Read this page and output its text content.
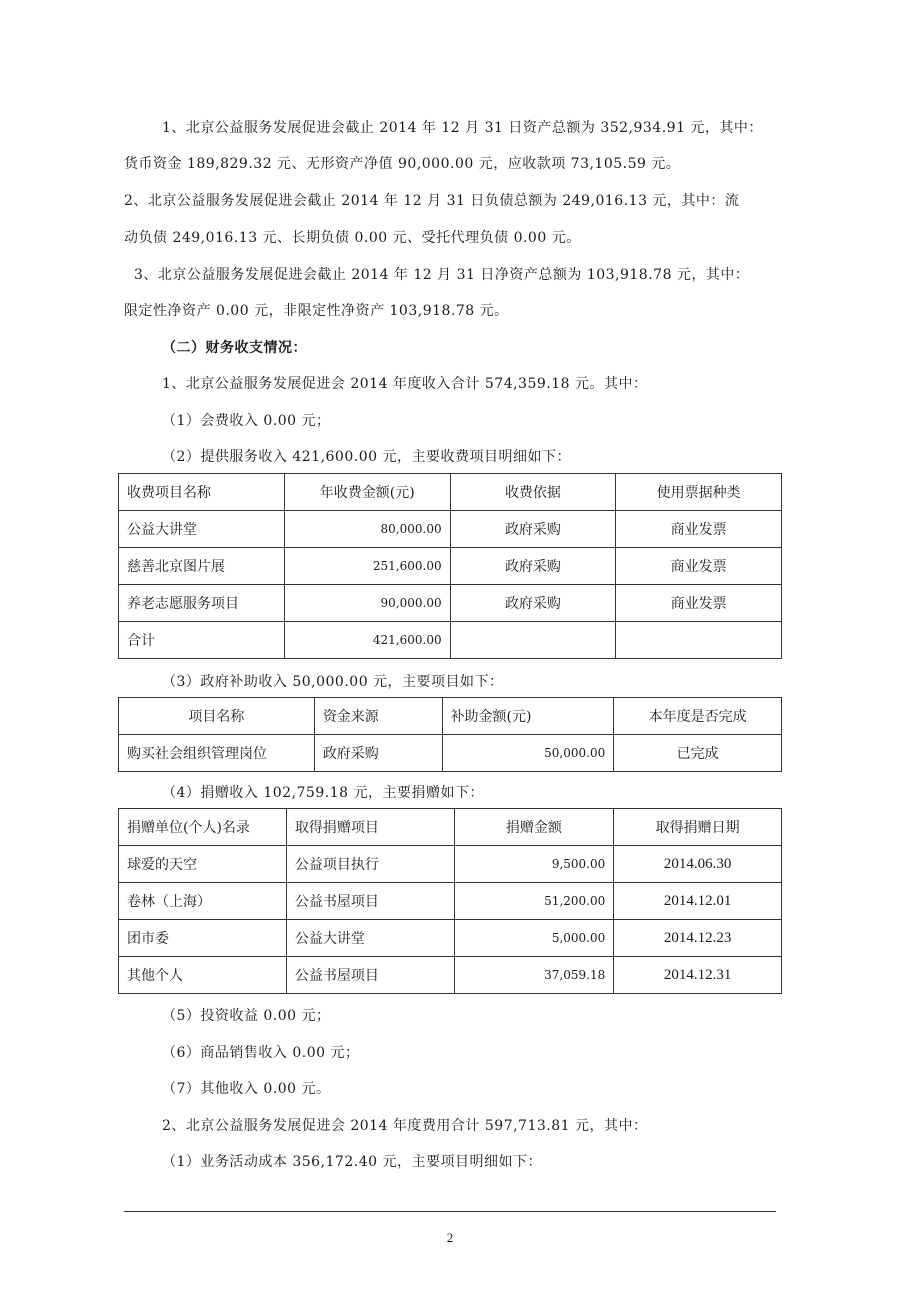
1、北京公益服务发展促进会截止 2014 年 12 月 31 日资产总额为 352,934.91 元，其中：
货币资金 189,829.32 元、无形资产净值 90,000.00 元，应收款项 73,105.59 元。
2、北京公益服务发展促进会截止 2014 年 12 月 31 日负债总额为 249,016.13 元，其中：流
动负债 249,016.13 元、长期负债 0.00 元、受托代理负债 0.00 元。
3、北京公益服务发展促进会截止 2014 年 12 月 31 日净资产总额为 103,918.78 元，其中：
限定性净资产 0.00 元，非限定性净资产 103,918.78 元。
（二）财务收支情况：
1、北京公益服务发展促进会 2014 年度收入合计 574,359.18 元。其中：
（1）会费收入 0.00 元；
（2）提供服务收入 421,600.00 元，主要收费项目明细如下：
收费项目名称	年收费金额(元)	收费依据	使用票据种类
公益大讲堂	80,000.00	政府采购	商业发票
慈善北京图片展	251,600.00	政府采购	商业发票
养老志愿服务项目	90,000.00	政府采购	商业发票
合计	421,600.00		
（3）政府补助收入 50,000.00 元，主要项目如下：
项目名称	资金来源	补助金额(元)	本年度是否完成
购买社会组织管理岗位	政府采购	50,000.00	已完成
（4）捐赠收入 102,759.18 元，主要捐赠如下：
捐赠单位(个人)名录	取得捐赠项目	捐赠金额	取得捐赠日期
球爱的天空	公益项目执行	9,500.00	2014.06.30
卷林（上海）	公益书屋项目	51,200.00	2014.12.01
团市委	公益大讲堂	5,000.00	2014.12.23
其他个人	公益书屋项目	37,059.18	2014.12.31
（5）投资收益 0.00 元；
（6）商品销售收入 0.00 元；
（7）其他收入 0.00 元。
2、北京公益服务发展促进会 2014 年度费用合计 597,713.81 元，其中：
（1）业务活动成本 356,172.40 元，主要项目明细如下：
2
